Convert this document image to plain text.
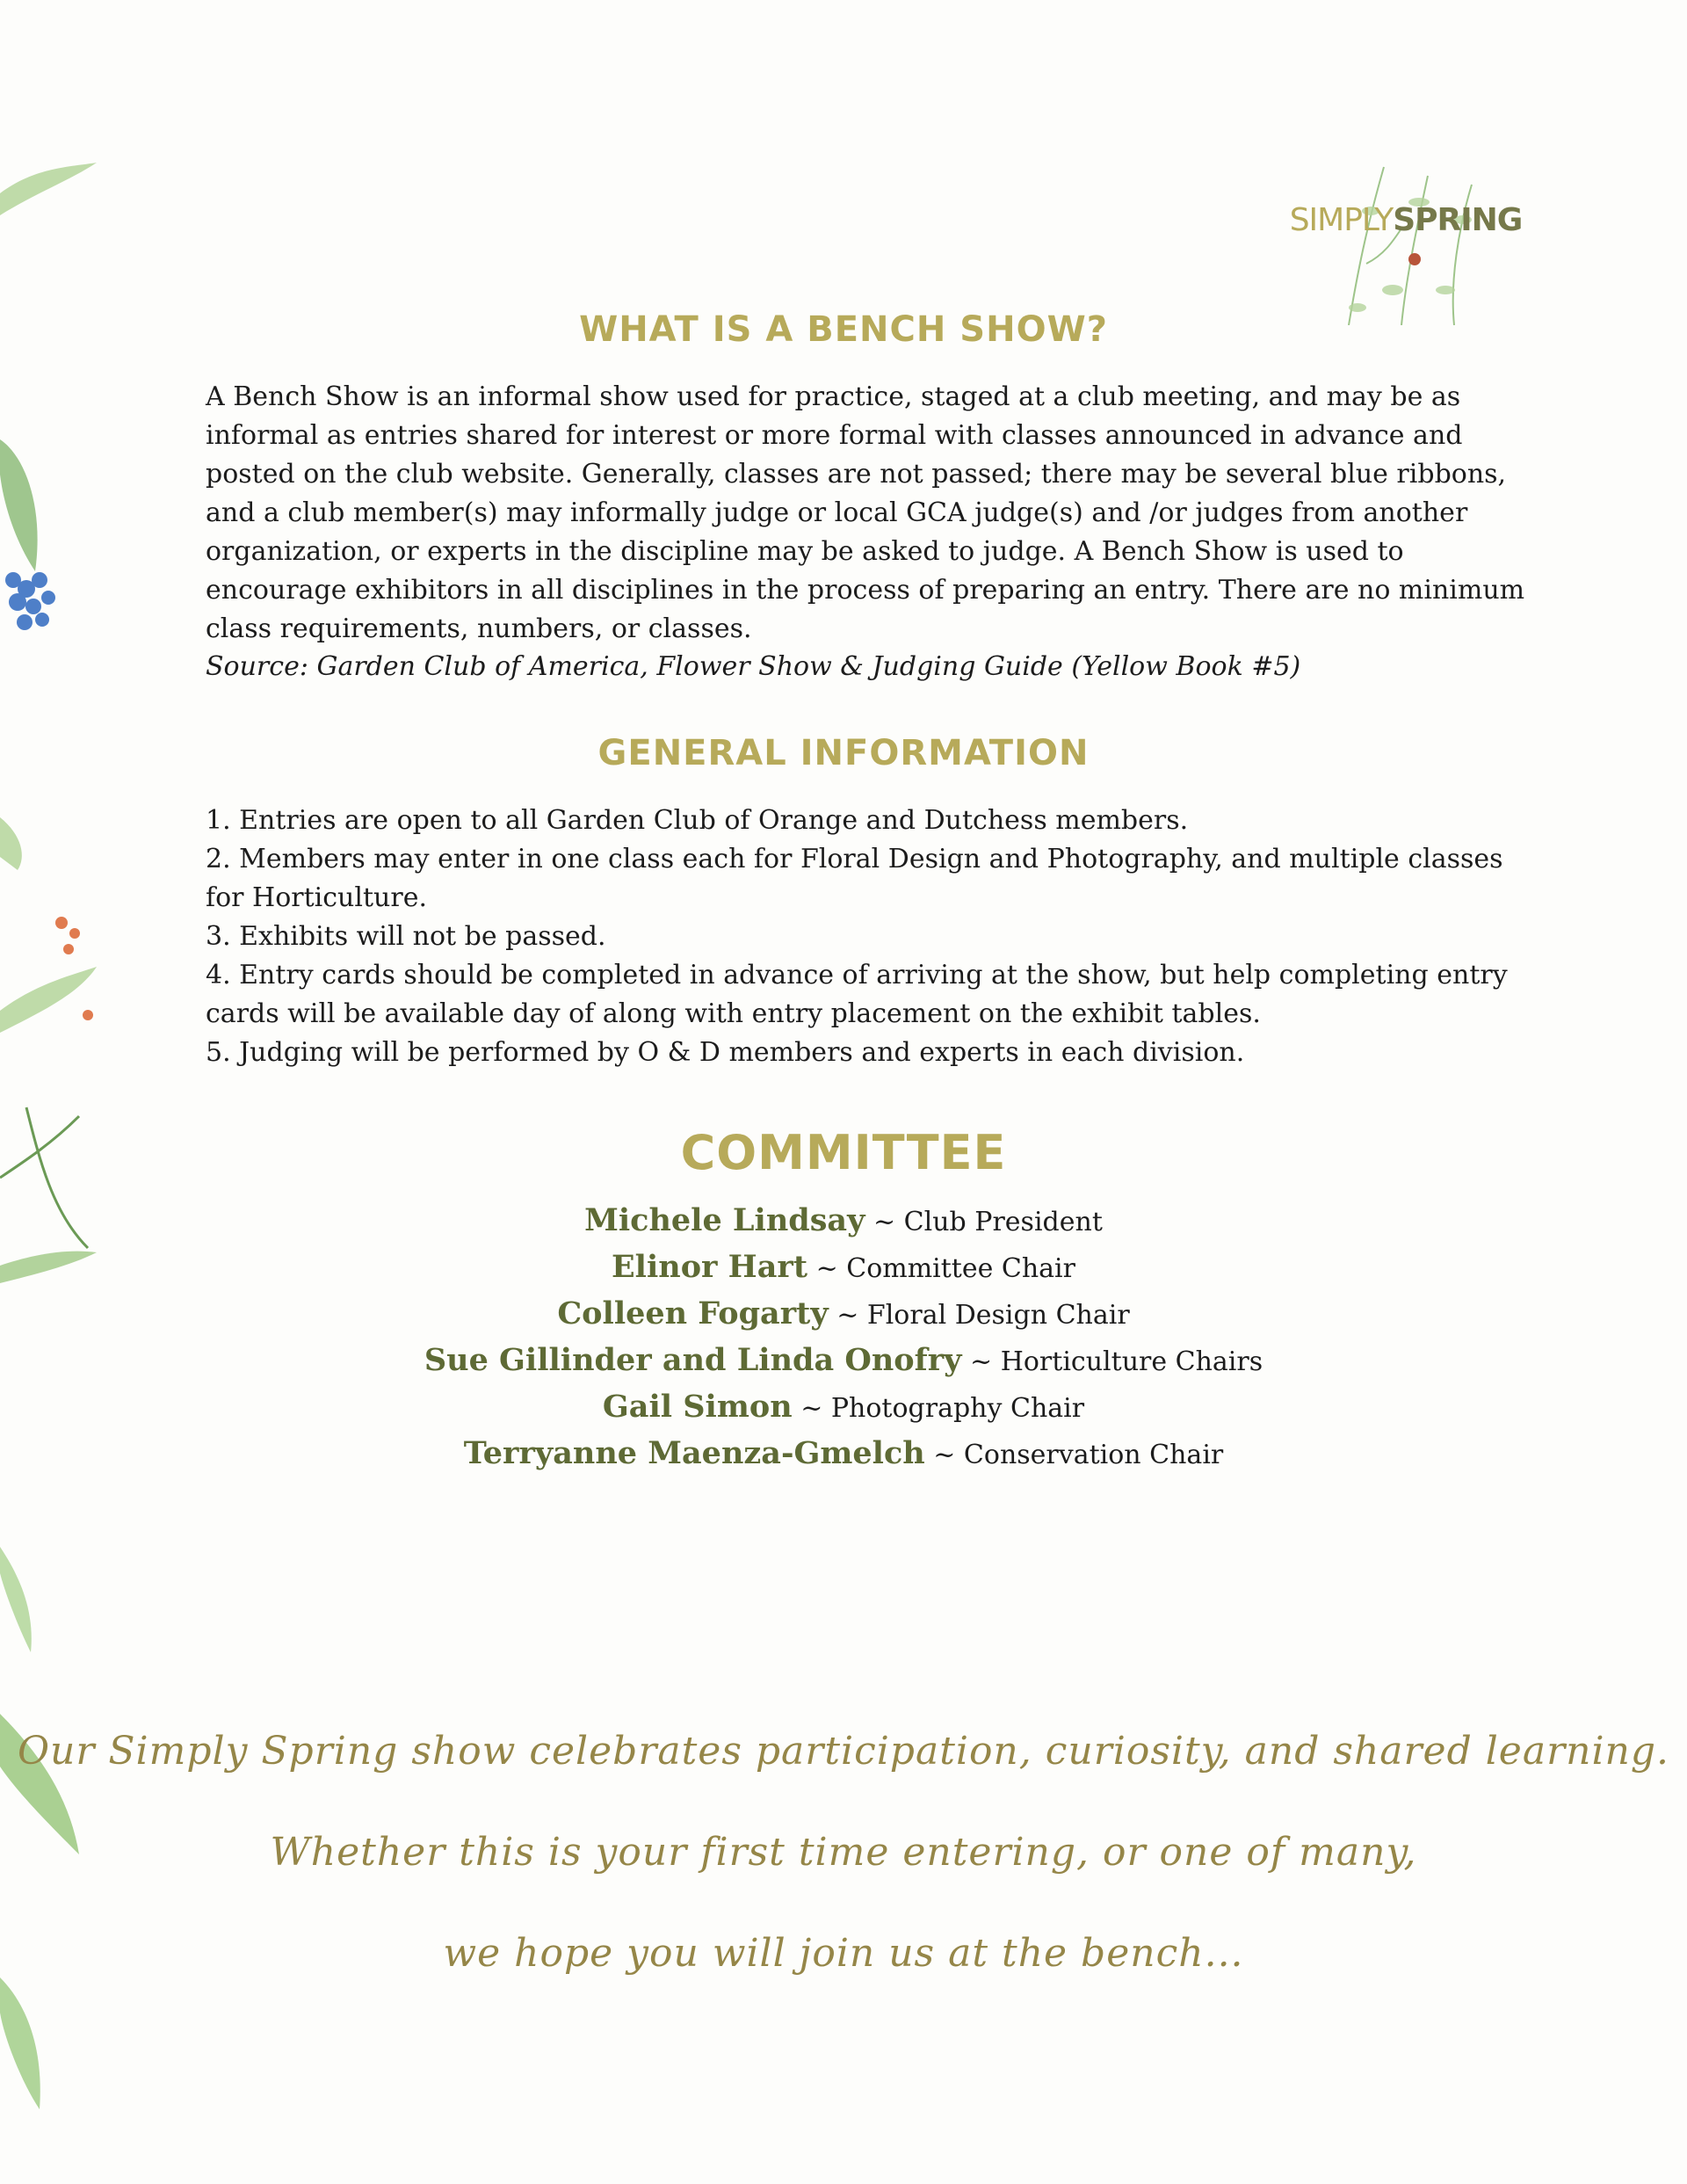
SIMPLYSPRING
WHAT IS A BENCH SHOW?

A Bench Show is an informal show used for practice, staged at a club meeting, and may be as informal as entries shared for interest or more formal with classes announced in advance and posted on the club website. Generally, classes are not passed; there may be several blue ribbons, and a club member(s) may informally judge or local GCA judge(s) and /or judges from another organization, or experts in the discipline may be asked to judge. A Bench Show is used to encourage exhibitors in all disciplines in the process of preparing an entry. There are no minimum class requirements, numbers, or classes.

Source: Garden Club of America, Flower Show & Judging Guide (Yellow Book #5)
GENERAL INFORMATION
1. Entries are open to all Garden Club of Orange and Dutchess members.
2. Members may enter in one class each for Floral Design and Photography, and multiple classes for Horticulture.
3. Exhibits will not be passed.
4. Entry cards should be completed in advance of arriving at the show, but help completing entry cards will be available day of along with entry placement on the exhibit tables.
5. Judging will be performed by O & D members and experts in each division.
COMMITTEE
Michele Lindsay ~ Club President
Elinor Hart ~ Committee Chair
Colleen Fogarty ~ Floral Design Chair
Sue Gillinder and Linda Onofry ~ Horticulture Chairs
Gail Simon ~ Photography Chair
Terryanne Maenza-Gmelch ~ Conservation Chair
Our Simply Spring show celebrates participation, curiosity, and shared learning.
Whether this is your first time entering, or one of many,
we hope you will join us at the bench...
